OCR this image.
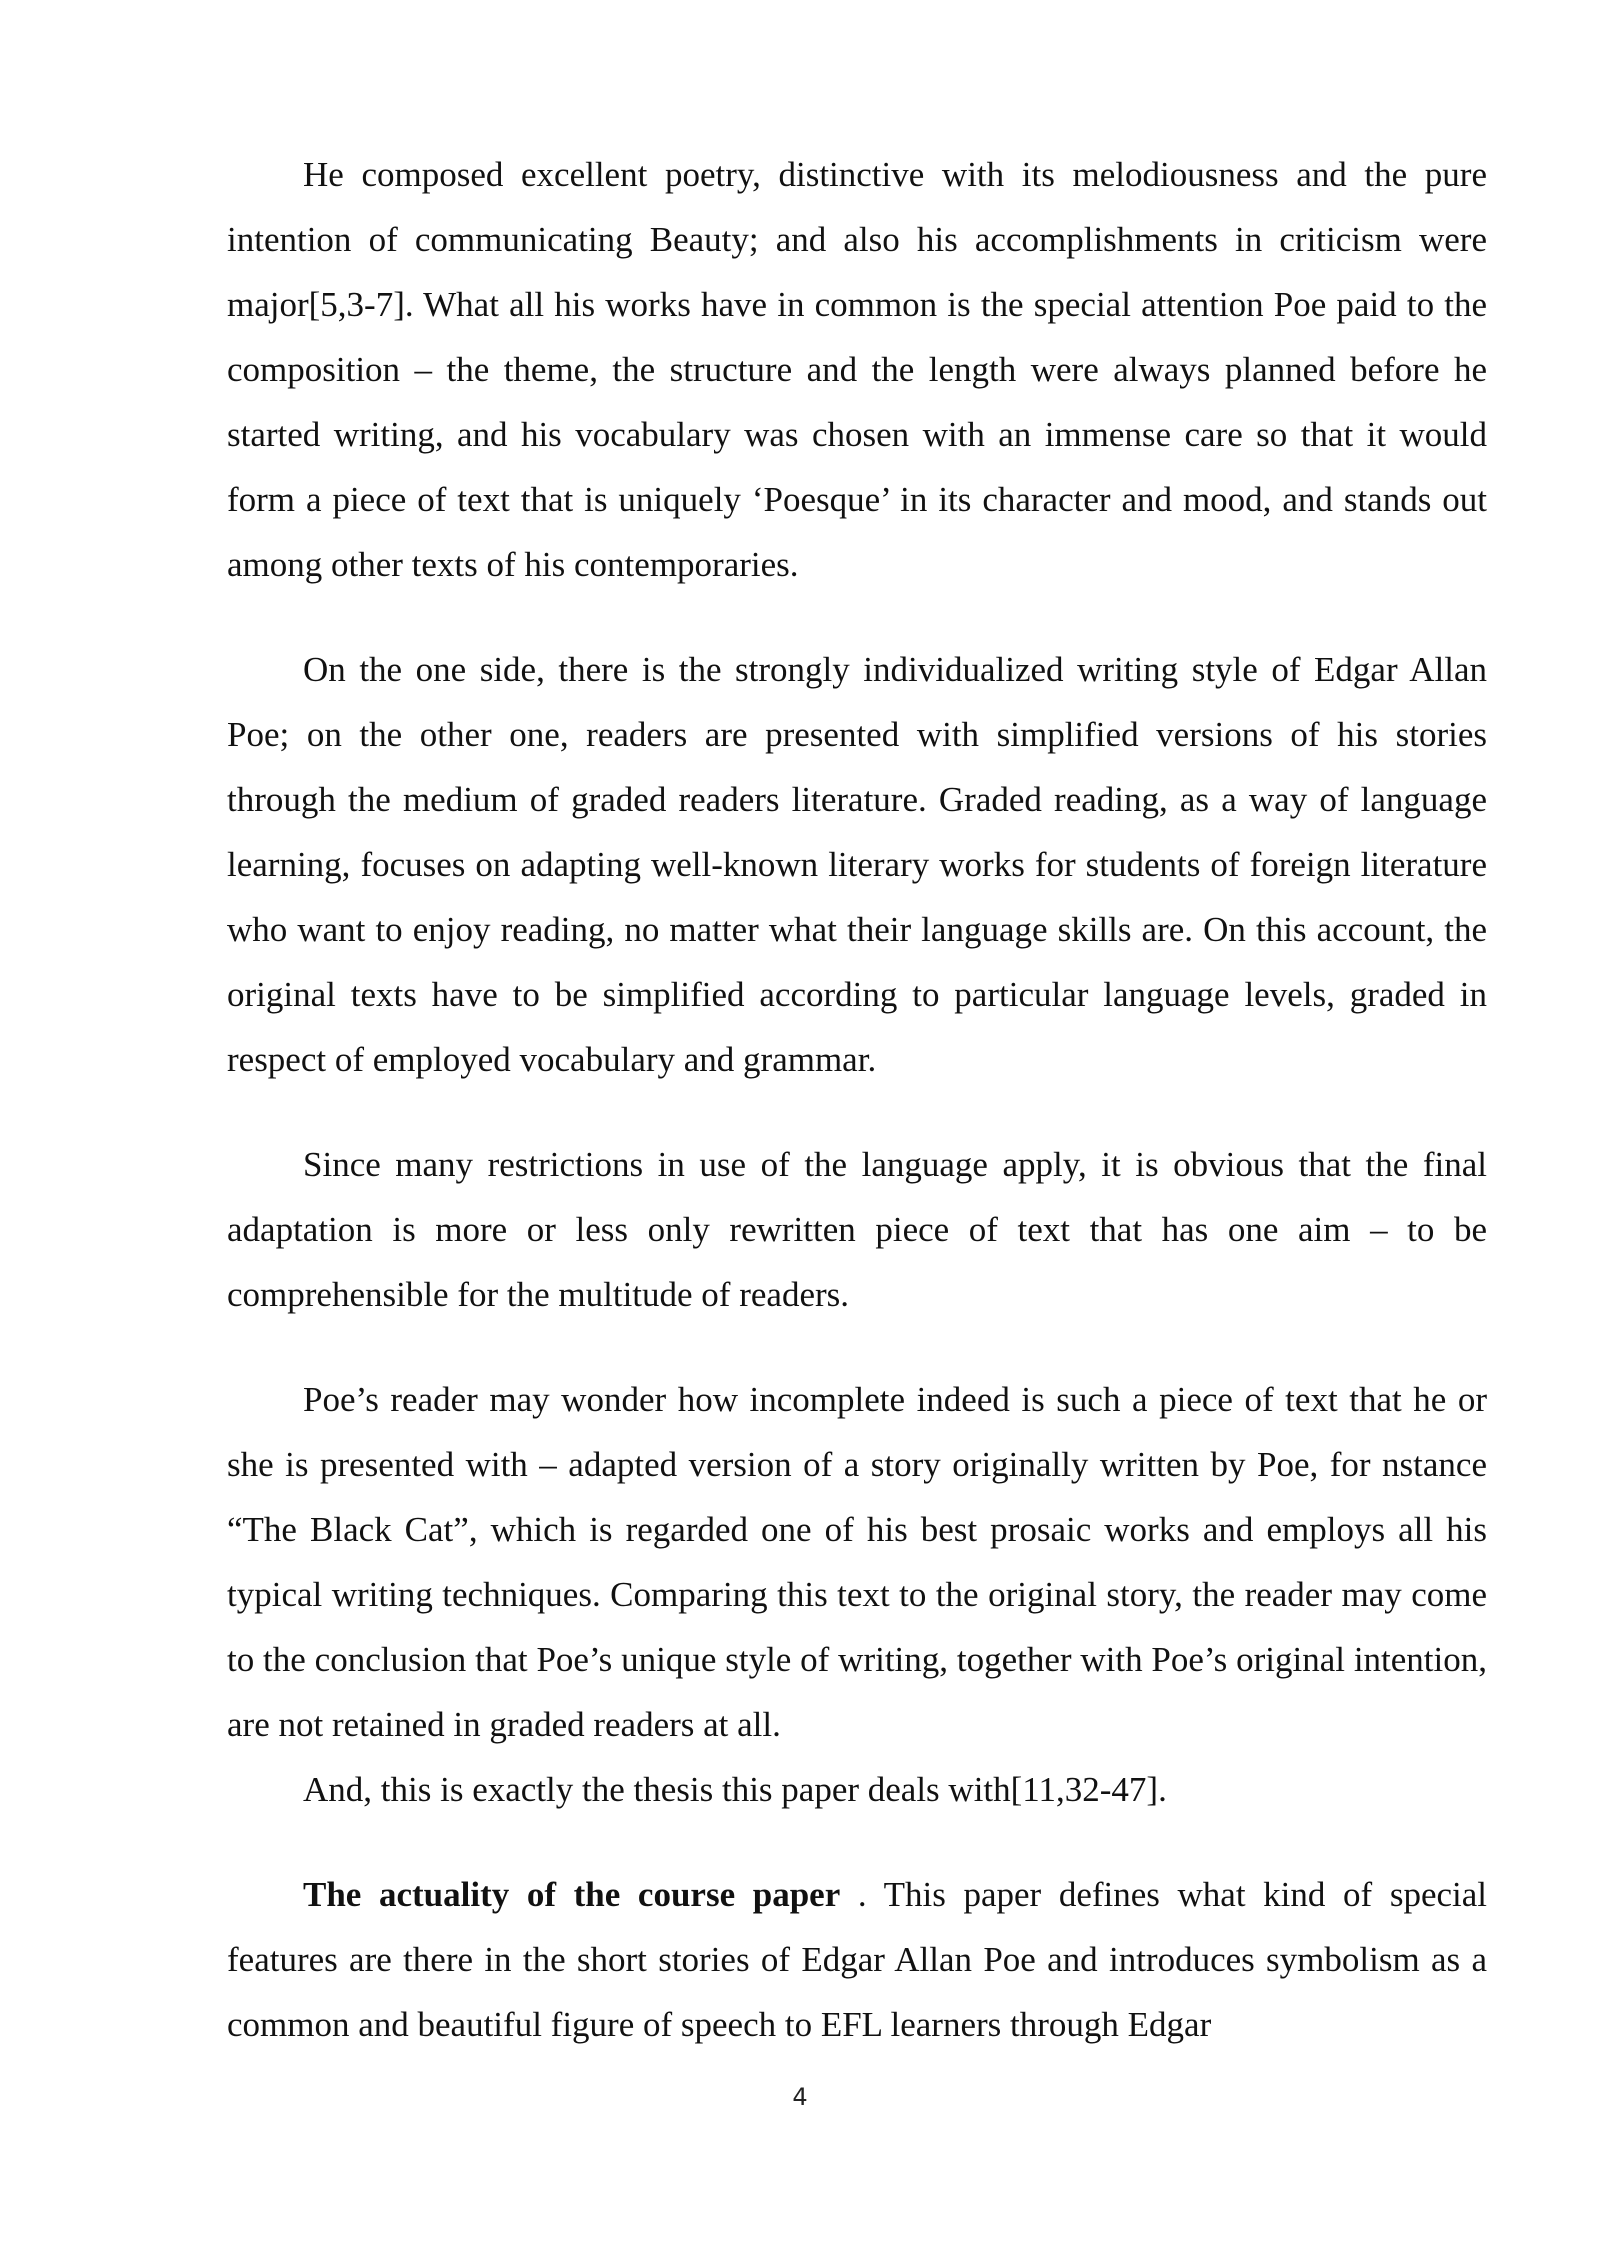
He composed excellent poetry, distinctive with its melodiousness and the pure intention of communicating Beauty; and also his accomplishments in criticism were major[5,3-7]. What all his works have in common is the special attention Poe paid to the composition – the theme, the structure and the length were always planned before he started writing, and his vocabulary was chosen with an immense care so that it would form a piece of text that is uniquely ‘Poesque’ in its character and mood, and stands out among other texts of his contemporaries.

On the one side, there is the strongly individualized writing style of Edgar Allan Poe; on the other one, readers are presented with simplified versions of his stories through the medium of graded readers literature. Graded reading, as a way of language learning, focuses on adapting well-known literary works for students of foreign literature who want to enjoy reading, no matter what their language skills are. On this account, the original texts have to be simplified according to particular language levels, graded in respect of employed vocabulary and grammar.

Since many restrictions in use of the language apply, it is obvious that the final adaptation is more or less only rewritten piece of text that has one aim – to be comprehensible for the multitude of readers.

Poe’s reader may wonder how incomplete indeed is such a piece of text that he or she is presented with – adapted version of a story originally written by Poe, for nstance “The Black Cat”, which is regarded one of his best prosaic works and employs all his typical writing techniques. Comparing this text to the original story, the reader may come to the conclusion that Poe’s unique style of writing, together with Poe’s original intention, are not retained in graded readers at all.

And, this is exactly the thesis this paper deals with[11,32-47].

The actuality of the course paper . This paper defines what kind of special features are there in the short stories of Edgar Allan Poe and introduces symbolism as a common and beautiful figure of speech to EFL learners through Edgar

4
